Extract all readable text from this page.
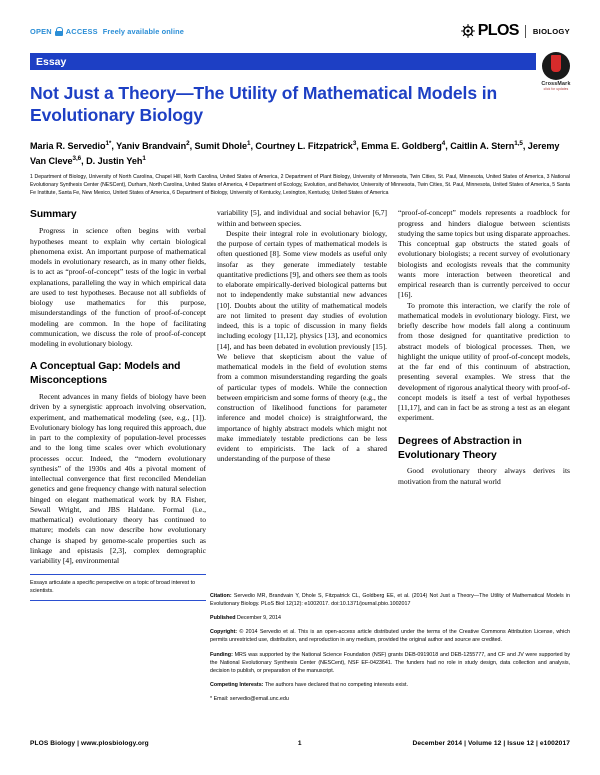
OPEN ACCESS Freely available online	PLOS BIOLOGY
Essay
CrossMark
click for updates
Not Just a Theory—The Utility of Mathematical Models in Evolutionary Biology
Maria R. Servedio$^{1*}$, Yaniv Brandvain$^2$, Sumit Dhole$^1$, Courtney L. Fitzpatrick$^3$, Emma E. Goldberg$^4$, Caitlin A. Stern$^{1,5}$, Jeremy Van Cleve$^{3,6}$, D. Justin Yeh$^1$
1 Department of Biology, University of North Carolina, Chapel Hill, North Carolina, United States of America, 2 Department of Plant Biology, University of Minnesota, Twin Cities, St. Paul, Minnesota, United States of America, 3 National Evolutionary Synthesis Center (NESCent), Durham, North Carolina, United States of America, 4 Department of Ecology, Evolution, and Behavior, University of Minnesota, Twin Cities, St. Paul, Minnesota, United States of America, 5 Santa Fe Institute, Santa Fe, New Mexico, United States of America, 6 Department of Biology, University of Kentucky, Lexington, Kentucky, United States of America
Summary

Progress in science often begins with verbal hypotheses meant to explain why certain biological phenomena exist. An important purpose of mathematical models in evolutionary research, as in many other fields, is to act as “proof-of-concept” tests of the logic in verbal explanations, paralleling the way in which empirical data are used to test hypotheses. Because not all subfields of biology use mathematics for this purpose, misunderstandings of the function of proof-of-concept modeling are common. In the hope of facilitating communication, we discuss the role of proof-of-concept modeling in evolutionary biology.

A Conceptual Gap: Models and Misconceptions

Recent advances in many fields of biology have been driven by a synergistic approach involving observation, experiment, and mathematical modeling (see, e.g., [1]). Evolutionary biology has long required this approach, due in part to the complexity of population-level processes and to the long time scales over which evolutionary processes occur. Indeed, the “modern evolutionary synthesis” of the 1930s and 40s a pivotal moment of intellectual convergence that first reconciled Mendelian genetics and gene frequency change with natural selection hinged on elegant mathematical work by RA Fisher, Sewall Wright, and JBS Haldane. Formal (i.e., mathematical) evolutionary theory has continued to mature; models can now describe how evolutionary change is shaped by genome-scale properties such as linkage and epistasis [2,3], complex demographic variability [4], environmental

Essays articulate a specific perspective on a topic of broad interest to scientists.

variability [5], and individual and social behavior [6,7] within and between species.

Despite their integral role in evolutionary biology, the purpose of certain types of mathematical models is often questioned [8]. Some view models as useful only insofar as they generate immediately testable quantitative predictions [9], and others see them as tools to elaborate empirically-derived biological patterns but not to independently make substantial new advances [10]. Doubts about the utility of mathematical models are not limited to present day studies of evolution indeed, this is a topic of discussion in many fields including ecology [11,12], physics [13], and economics [14], and has been debated in evolution previously [15]. We believe that skepticism about the value of mathematical models in the field of evolution stems from a common misunderstanding regarding the goals of particular types of models. While the connection between empiricism and some forms of theory (e.g., the construction of likelihood functions for parameter inference and model choice) is straightforward, the importance of highly abstract models which might not make immediately testable predictions can be less evident to empiricists. The lack of a shared understanding of the purpose of these

“proof-of-concept” models represents a roadblock for progress and hinders dialogue between scientists studying the same topics but using disparate approaches. This conceptual gap obstructs the stated goals of evolutionary biologists; a recent survey of evolutionary biologists and ecologists reveals that the community wants more interaction between theoretical and empirical research than is currently perceived to occur [16].

To promote this interaction, we clarify the role of mathematical models in evolutionary biology. First, we briefly describe how models fall along a continuum from those designed for quantitative prediction to abstract models of biological processes. Then, we highlight the unique utility of proof-of-concept models, at the far end of this continuum of abstraction, presenting several examples. We stress that the development of rigorous analytical theory with proof-of-concept models is itself a test of verbal hypotheses [11,17], and can in fact be as strong a test as an elegant experiment.

Degrees of Abstraction in Evolutionary Theory

Good evolutionary theory always derives its motivation from the natural world

Citation: Servedio MR, Brandvain Y, Dhole S, Fitzpatrick CL, Goldberg EE, et al. (2014) Not Just a Theory—The Utility of Mathematical Models in Evolutionary Biology. PLoS Biol 12(12): e1002017. doi:10.1371/journal.pbio.1002017

Published December 9, 2014

Copyright: © 2014 Servedio et al. This is an open-access article distributed under the terms of the Creative Commons Attribution License, which permits unrestricted use, distribution, and reproduction in any medium, provided the original author and source are credited.

Funding: MRS was supported by the National Science Foundation (NSF) grants DEB-0919018 and DEB-1255777, and CF and JV were supported by the National Evolutionary Synthesis Center (NESCent), NSF EF-0423641. The funders had no role in study design, data collection and analysis, decision to publish, or preparation of the manuscript.

Competing Interests: The authors have declared that no competing interests exist.

* Email: servedio@email.unc.edu

PLOS Biology | www.plosbiology.org	1	December 2014 | Volume 12 | Issue 12 | e1002017
